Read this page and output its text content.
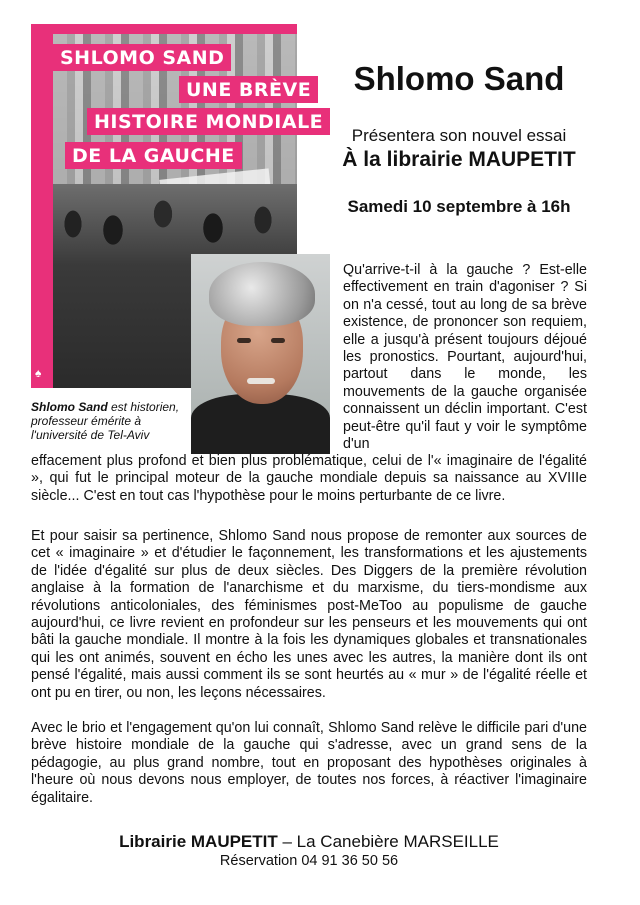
SHLOMO SAND
UNE BRÈVE
HISTOIRE MONDIALE
DE LA GAUCHE
CAHIERS LIBRES La Découverte
♠
Shlomo Sand est historien, professeur émérite à l'université de Tel-Aviv
Shlomo Sand
Présentera son nouvel essai
À la librairie MAUPETIT
Samedi 10 septembre à 16h
Qu'arrive-t-il à la gauche ? Est-elle effectivement en train d'agoniser ? Si on n'a cessé, tout au long de sa brève existence, de prononcer son requiem, elle a jusqu'à présent toujours déjoué les pronostics. Pourtant, aujourd'hui, partout dans le monde, les mouvements de la gauche organisée connaissent un déclin important. C'est peut-être qu'il faut y voir le symptôme d'un
effacement plus profond et bien plus problématique, celui de l'« imaginaire de l'égalité », qui fut le principal moteur de la gauche mondiale depuis sa naissance au XVIIIe siècle... C'est en tout cas l'hypothèse pour le moins perturbante de ce livre.
Et pour saisir sa pertinence, Shlomo Sand nous propose de remonter aux sources de cet « imaginaire » et d'étudier le façonnement, les transformations et les ajustements de l'idée d'égalité sur plus de deux siècles. Des Diggers de la première révolution anglaise à la formation de l'anarchisme et du marxisme, du tiers-mondisme aux révolutions anticoloniales, des féminismes post-MeToo au populisme de gauche aujourd'hui, ce livre revient en profondeur sur les penseurs et les mouvements qui ont bâti la gauche mondiale. Il montre à la fois les dynamiques globales et transnationales qui les ont animés, souvent en écho les unes avec les autres, la manière dont ils ont pensé l'égalité, mais aussi comment ils se sont heurtés au « mur » de l'égalité réelle et ont pu en tirer, ou non, les leçons nécessaires.
Avec le brio et l'engagement qu'on lui connaît, Shlomo Sand relève le difficile pari d'une brève histoire mondiale de la gauche qui s'adresse, avec un grand sens de la pédagogie, au plus grand nombre, tout en proposant des hypothèses originales à l'heure où nous devons nous employer, de toutes nos forces, à réactiver l'imaginaire égalitaire.
Librairie MAUPETIT – La Canebière MARSEILLE
Réservation 04 91 36 50 56
